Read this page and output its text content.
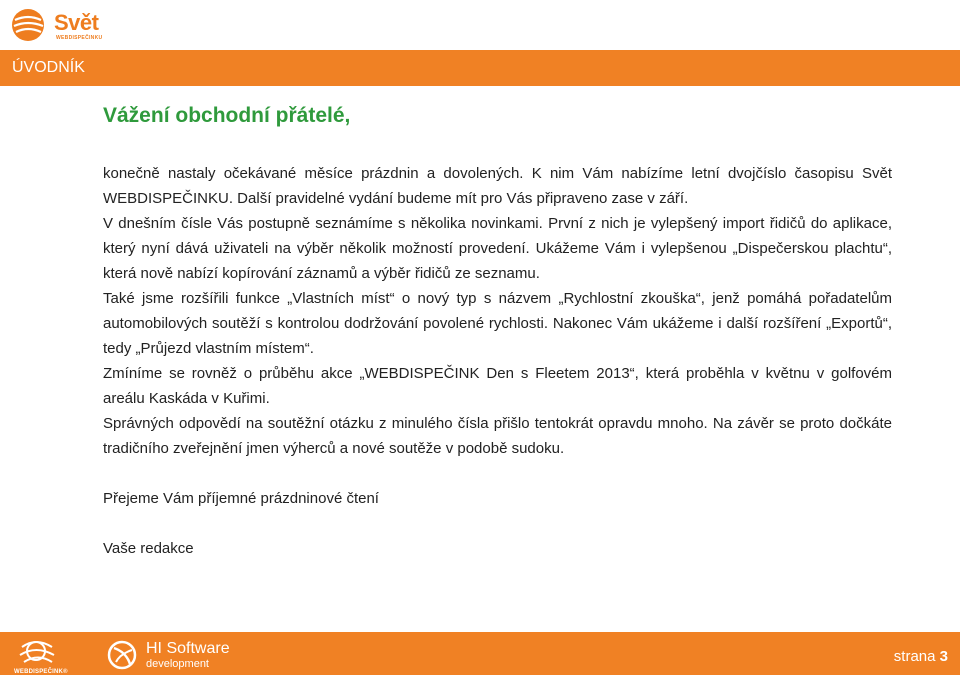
Svět
WEBDISPEČINKU
ÚVODNÍK
Vážení obchodní přátelé,

konečně nastaly očekávané měsíce prázdnin a dovolených. K nim Vám nabízíme letní dvojčíslo časopisu Svět WEBDISPEČINKU. Další pravidelné vydání budeme mít pro Vás připraveno zase v září.

V dnešním čísle Vás postupně seznámíme s několika novinkami. První z nich je vylepšený import řidičů do aplikace, který nyní dává uživateli na výběr několik možností provedení. Ukážeme Vám i vylepšenou „Dispečerskou plachtu“, která nově nabízí kopírování záznamů a výběr řidičů ze seznamu.

Také jsme rozšířili funkce „Vlastních míst“ o nový typ s názvem „Rychlostní zkouška“, jenž pomáhá pořadatelům automobilových soutěží s kontrolou dodržování povolené rychlosti. Nakonec Vám ukážeme i další rozšíření „Exportů“, tedy „Průjezd vlastním místem“.

Zmíníme se rovněž o průběhu akce „WEBDISPEČINK Den s Fleetem 2013“, která proběhla v květnu v golfovém areálu Kaskáda v Kuřimi.

Správných odpovědí na soutěžní otázku z minulého čísla přišlo tentokrát opravdu mnoho. Na závěr se proto dočkáte tradičního zveřejnění jmen výherců a nové soutěže v podobě sudoku.

Přejeme Vám příjemné prázdninové čtení

Vaše redakce

WEBDISPEČINK®
HI Software
development	strana 3
